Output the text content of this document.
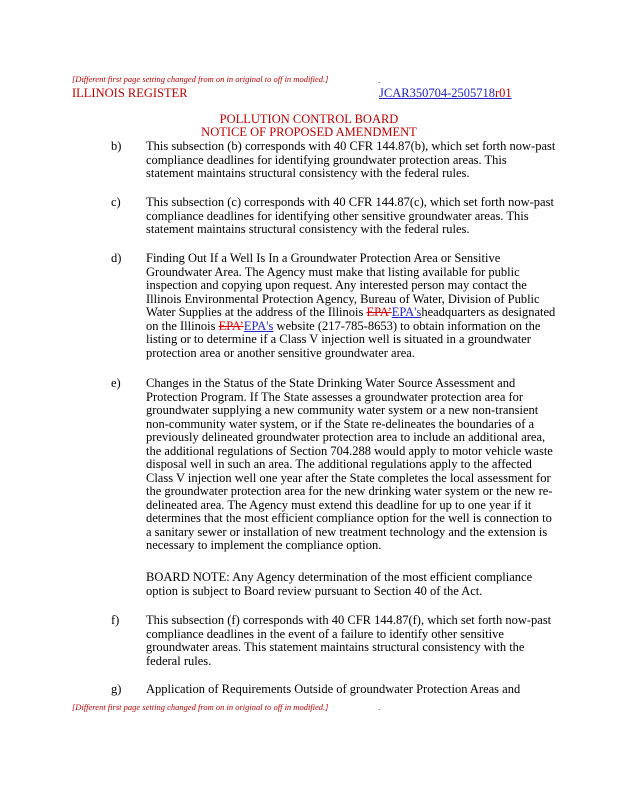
[Different first page setting changed from on in original to off in modified.]	.
ILLINOIS REGISTER	JCAR350704-2505718r01
POLLUTION CONTROL BOARD
NOTICE OF PROPOSED AMENDMENT
b)	This subsection (b) corresponds with 40 CFR 144.87(b), which set forth now-past compliance deadlines for identifying groundwater protection areas. This statement maintains structural consistency with the federal rules.
c)	This subsection (c) corresponds with 40 CFR 144.87(c), which set forth now-past compliance deadlines for identifying other sensitive groundwater areas. This statement maintains structural consistency with the federal rules.
d)	Finding Out If a Well Is In a Groundwater Protection Area or Sensitive Groundwater Area. The Agency must make that listing available for public inspection and copying upon request. Any interested person may contact the Illinois Environmental Protection Agency, Bureau of Water, Division of Public Water Supplies at the address of the Illinois EPA’EPA'sheadquarters as designated on the Illinois EPA’EPA's website (217-785-8653) to obtain information on the listing or to determine if a Class V injection well is situated in a groundwater protection area or another sensitive groundwater area.
e)	Changes in the Status of the State Drinking Water Source Assessment and Protection Program. If The State assesses a groundwater protection area for groundwater supplying a new community water system or a new non-transient non-community water system, or if the State re-delineates the boundaries of a previously delineated groundwater protection area to include an additional area, the additional regulations of Section 704.288 would apply to motor vehicle waste disposal well in such an area. The additional regulations apply to the affected Class V injection well one year after the State completes the local assessment for the groundwater protection area for the new drinking water system or the new re-delineated area. The Agency must extend this deadline for up to one year if it determines that the most efficient compliance option for the well is connection to a sanitary sewer or installation of new treatment technology and the extension is necessary to implement the compliance option.
BOARD NOTE: Any Agency determination of the most efficient compliance option is subject to Board review pursuant to Section 40 of the Act.
f)	This subsection (f) corresponds with 40 CFR 144.87(f), which set forth now-past compliance deadlines in the event of a failure to identify other sensitive groundwater areas. This statement maintains structural consistency with the federal rules.
g)	Application of Requirements Outside of groundwater Protection Areas and
[Different first page setting changed from on in original to off in modified.]	.
